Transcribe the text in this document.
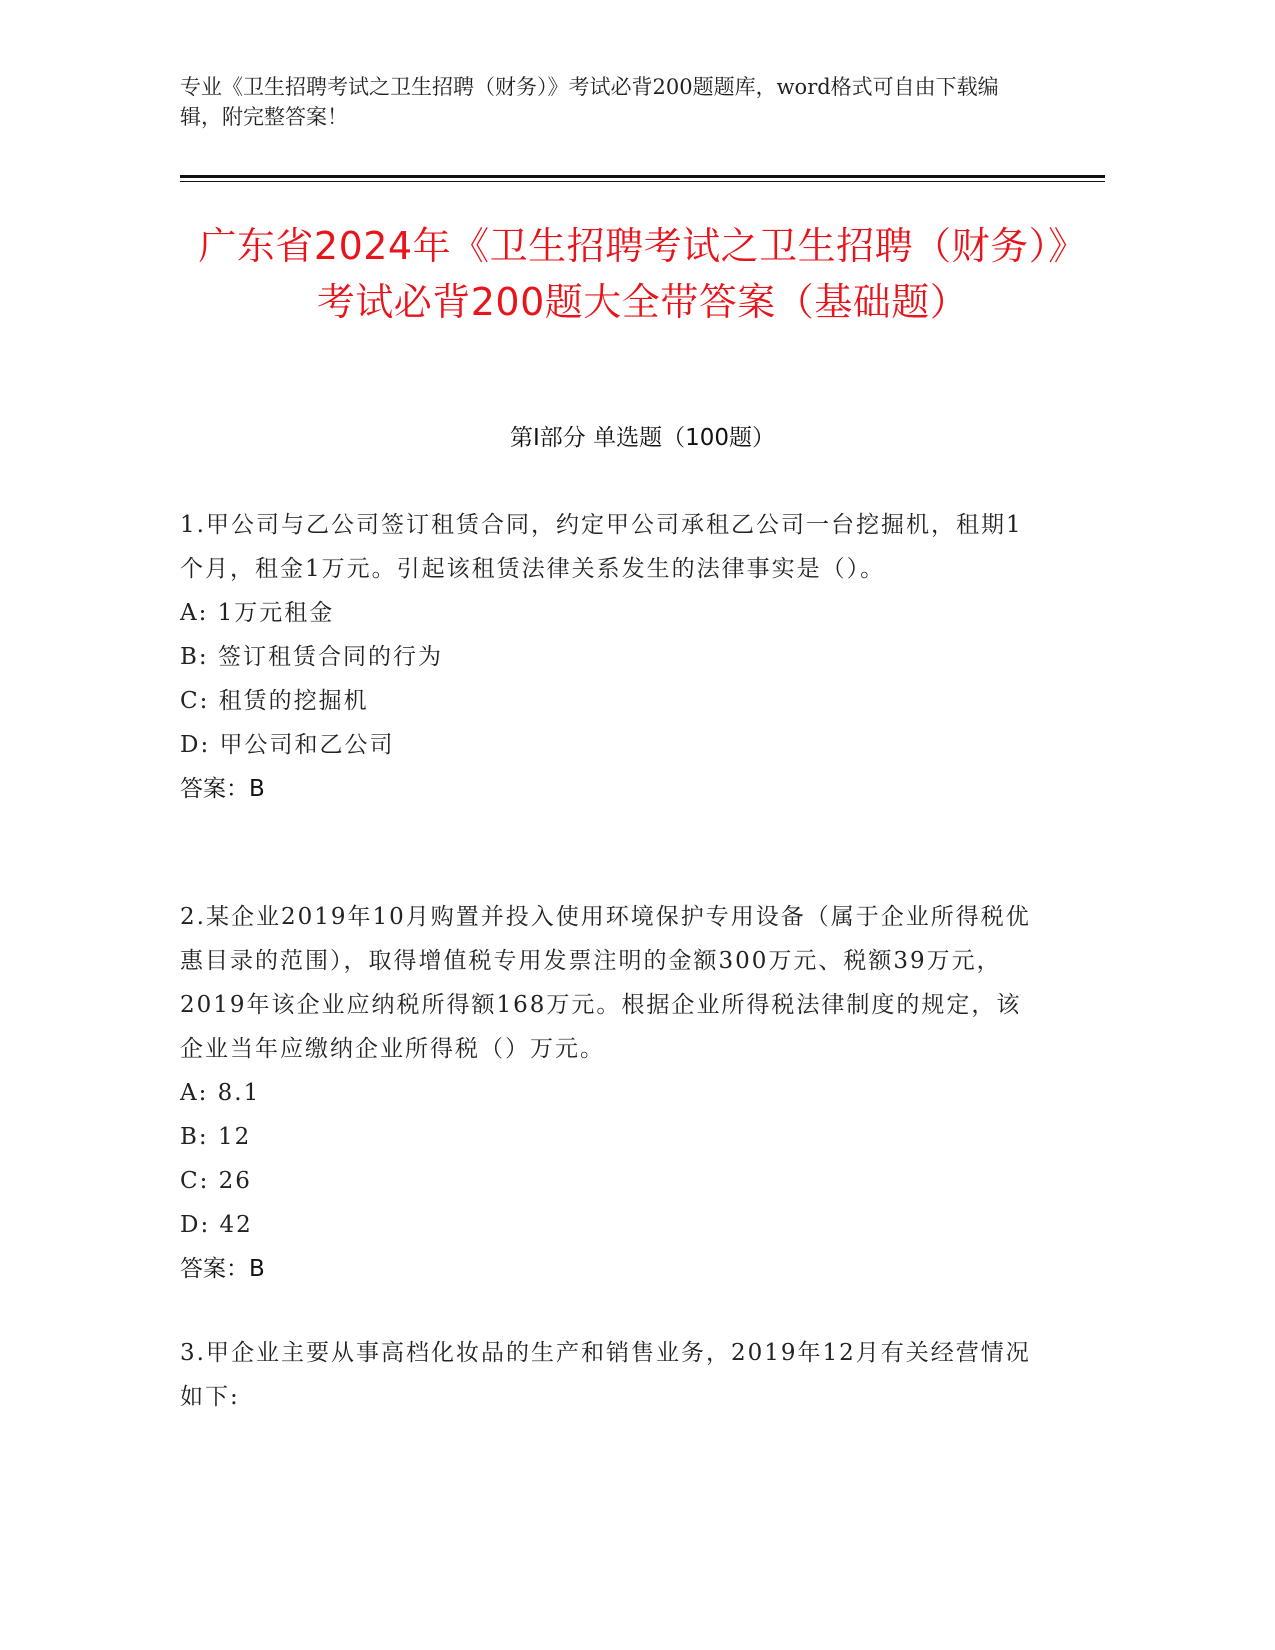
专业《卫生招聘考试之卫生招聘（财务）》考试必背200题题库，word格式可自由下载编辑，附完整答案！
广东省2024年《卫生招聘考试之卫生招聘（财务）》考试必背200题大全带答案（基础题）
第I部分 单选题（100题）
1.甲公司与乙公司签订租赁合同，约定甲公司承租乙公司一台挖掘机，租期1个月，租金1万元。引起该租赁法律关系发生的法律事实是（）。
A: 1万元租金
B: 签订租赁合同的行为
C: 租赁的挖掘机
D: 甲公司和乙公司
答案：B
2.某企业2019年10月购置并投入使用环境保护专用设备（属于企业所得税优惠目录的范围），取得增值税专用发票注明的金额300万元、税额39万元，2019年该企业应纳税所得额168万元。根据企业所得税法律制度的规定，该企业当年应缴纳企业所得税（）万元。
A: 8.1
B: 12
C: 26
D: 42
答案：B
3.甲企业主要从事高档化妆品的生产和销售业务，2019年12月有关经营情况如下:
